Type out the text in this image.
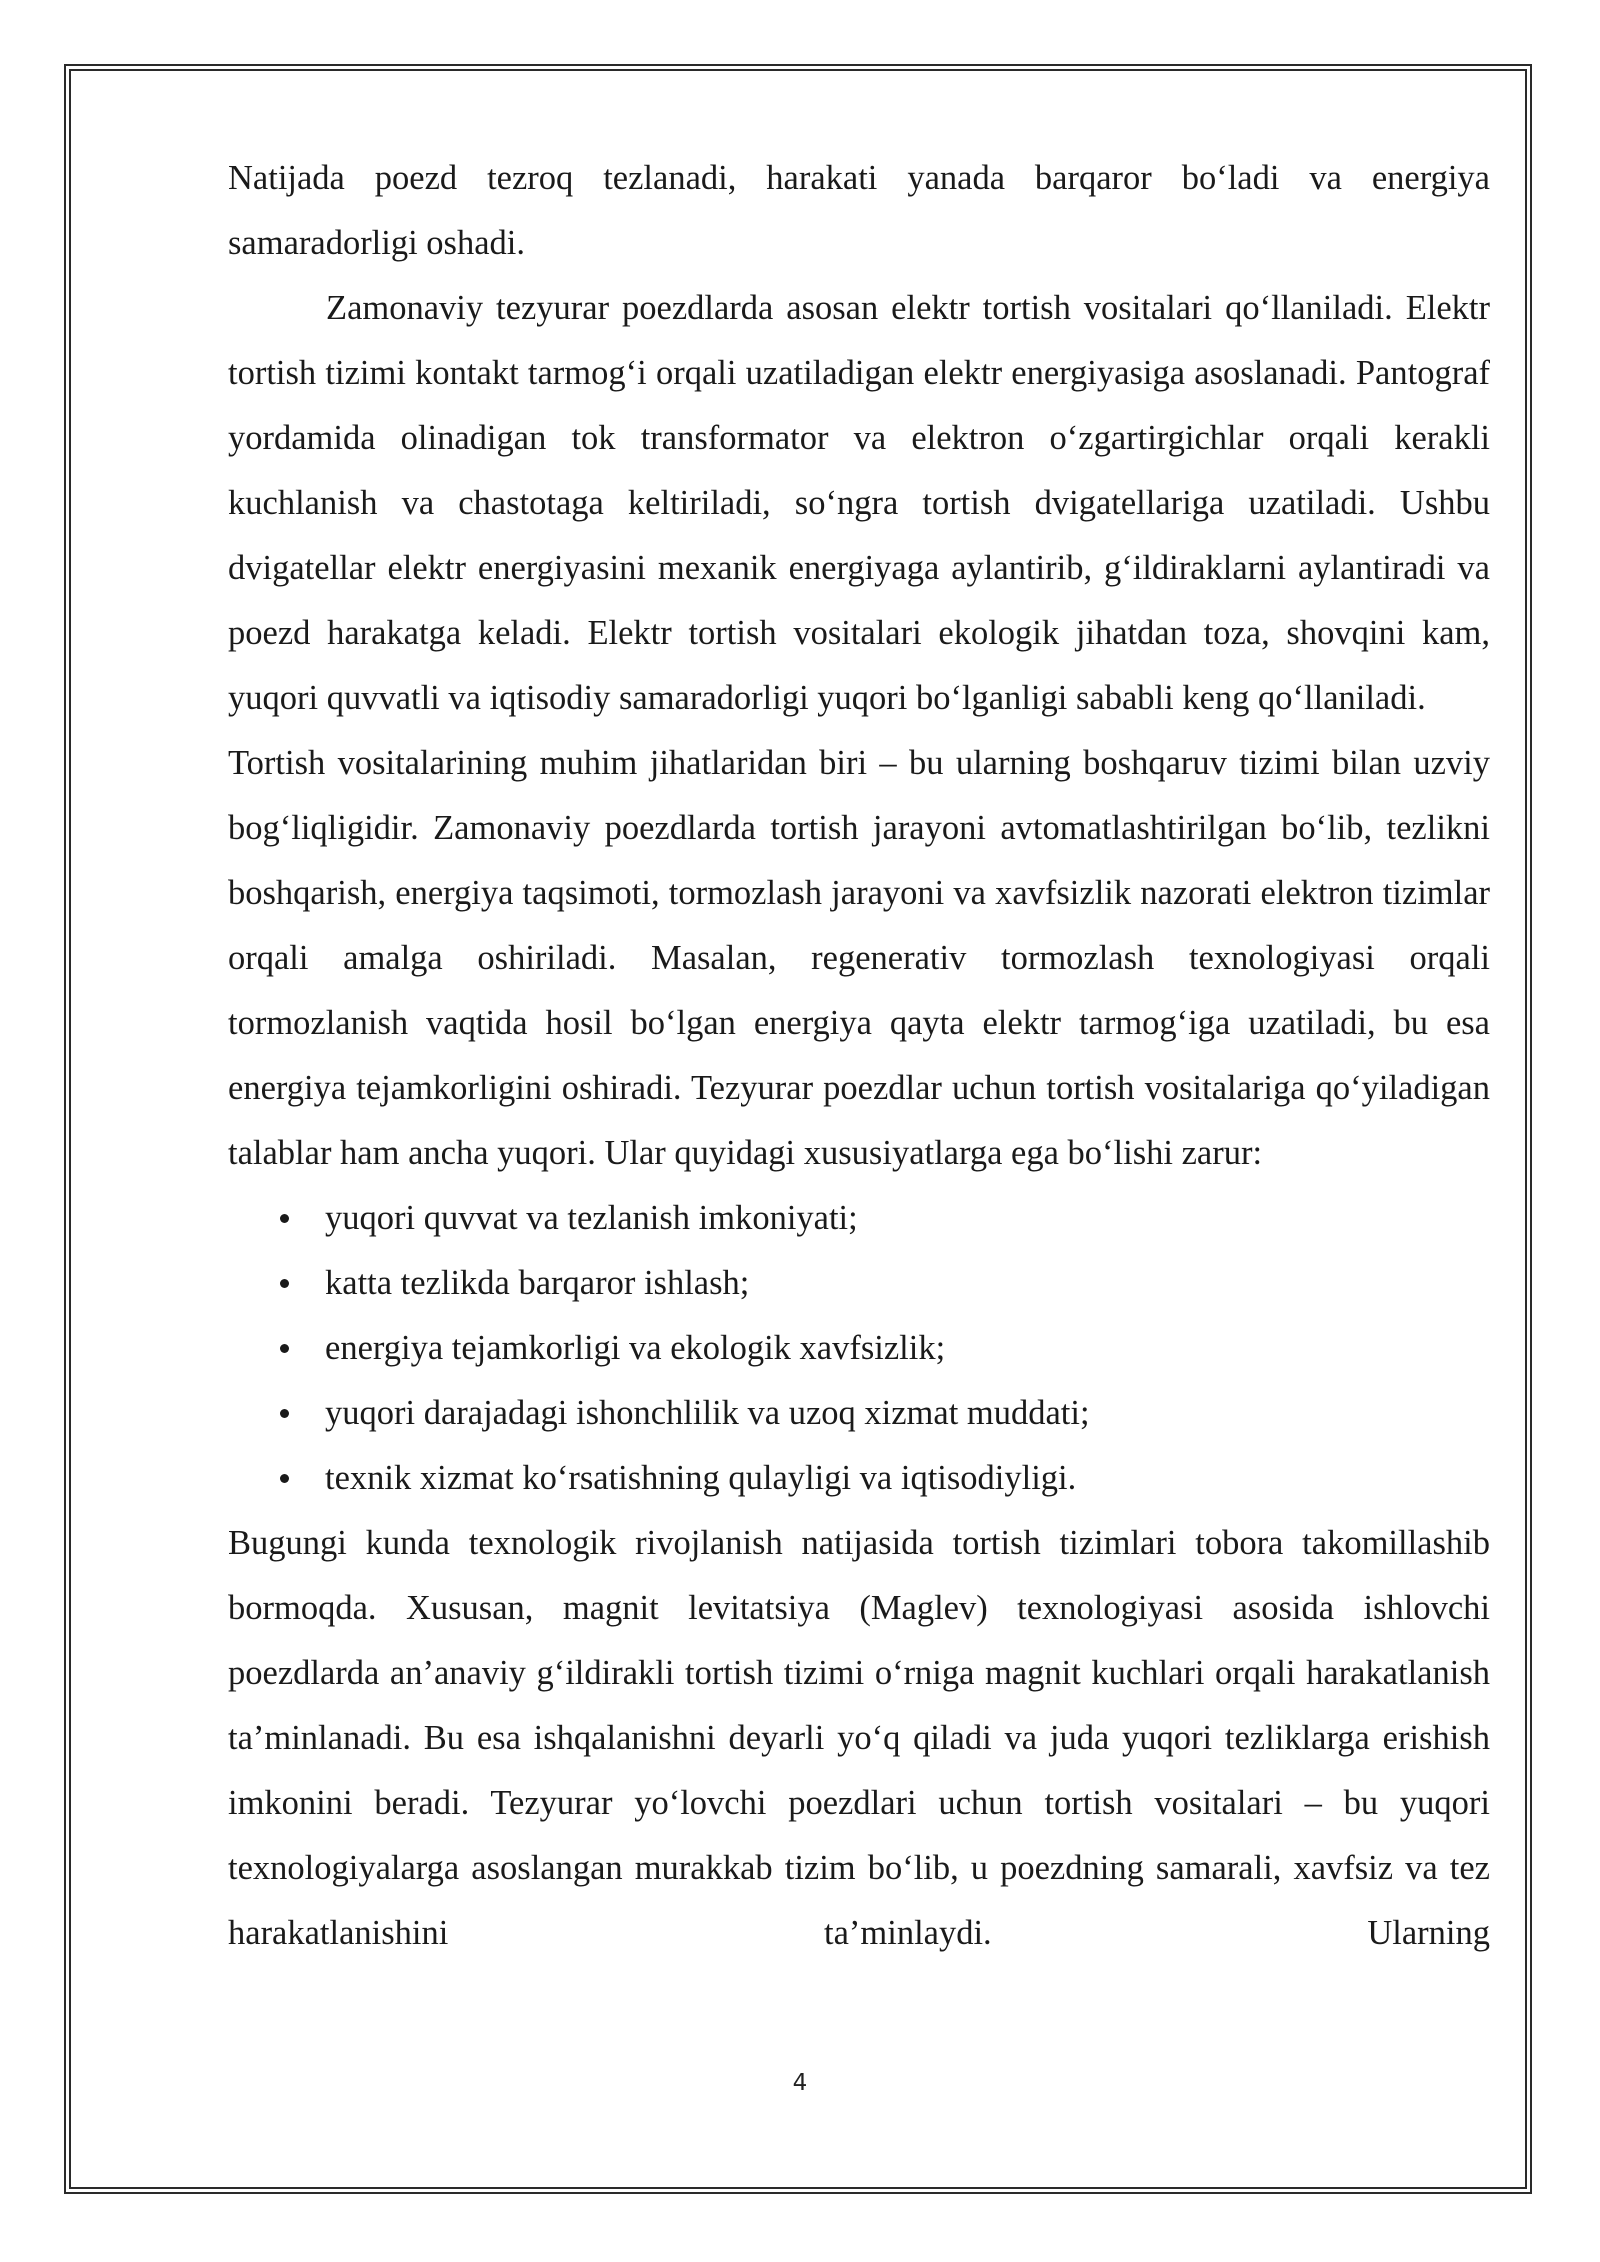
Natijada poezd tezroq tezlanadi, harakati yanada barqaror bo‘ladi va energiya samaradorligi oshadi.

Zamonaviy tezyurar poezdlarda asosan elektr tortish vositalari qo‘llaniladi. Elektr tortish tizimi kontakt tarmog‘i orqali uzatiladigan elektr energiyasiga asoslanadi. Pantograf yordamida olinadigan tok transformator va elektron o‘zgartirgichlar orqali kerakli kuchlanish va chastotaga keltiriladi, so‘ngra tortish dvigatellariga uzatiladi. Ushbu dvigatellar elektr energiyasini mexanik energiyaga aylantirib, g‘ildiraklarni aylantiradi va poezd harakatga keladi. Elektr tortish vositalari ekologik jihatdan toza, shovqini kam, yuqori quvvatli va iqtisodiy samaradorligi yuqori bo‘lganligi sababli keng qo‘llaniladi.

Tortish vositalarining muhim jihatlaridan biri – bu ularning boshqaruv tizimi bilan uzviy bog‘liqligidir. Zamonaviy poezdlarda tortish jarayoni avtomatlashtirilgan bo‘lib, tezlikni boshqarish, energiya taqsimoti, tormozlash jarayoni va xavfsizlik nazorati elektron tizimlar orqali amalga oshiriladi. Masalan, regenerativ tormozlash texnologiyasi orqali tormozlanish vaqtida hosil bo‘lgan energiya qayta elektr tarmog‘iga uzatiladi, bu esa energiya tejamkorligini oshiradi. Tezyurar poezdlar uchun tortish vositalariga qo‘yiladigan talablar ham ancha yuqori. Ular quyidagi xususiyatlarga ega bo‘lishi zarur:

yuqori quvvat va tezlanish imkoniyati;
katta tezlikda barqaror ishlash;
energiya tejamkorligi va ekologik xavfsizlik;
yuqori darajadagi ishonchlilik va uzoq xizmat muddati;
texnik xizmat ko‘rsatishning qulayligi va iqtisodiyligi.

Bugungi kunda texnologik rivojlanish natijasida tortish tizimlari tobora takomillashib bormoqda. Xususan, magnit levitatsiya (Maglev) texnologiyasi asosida ishlovchi poezdlarda an’anaviy g‘ildirakli tortish tizimi o‘rniga magnit kuchlari orqali harakatlanish ta’minlanadi. Bu esa ishqalanishni deyarli yo‘q qiladi va juda yuqori tezliklarga erishish imkonini beradi. Tezyurar yo‘lovchi poezdlari uchun tortish vositalari – bu yuqori texnologiyalarga asoslangan murakkab tizim bo‘lib, u poezdning samarali, xavfsiz va tez harakatlanishini ta’minlaydi. Ularning

4
